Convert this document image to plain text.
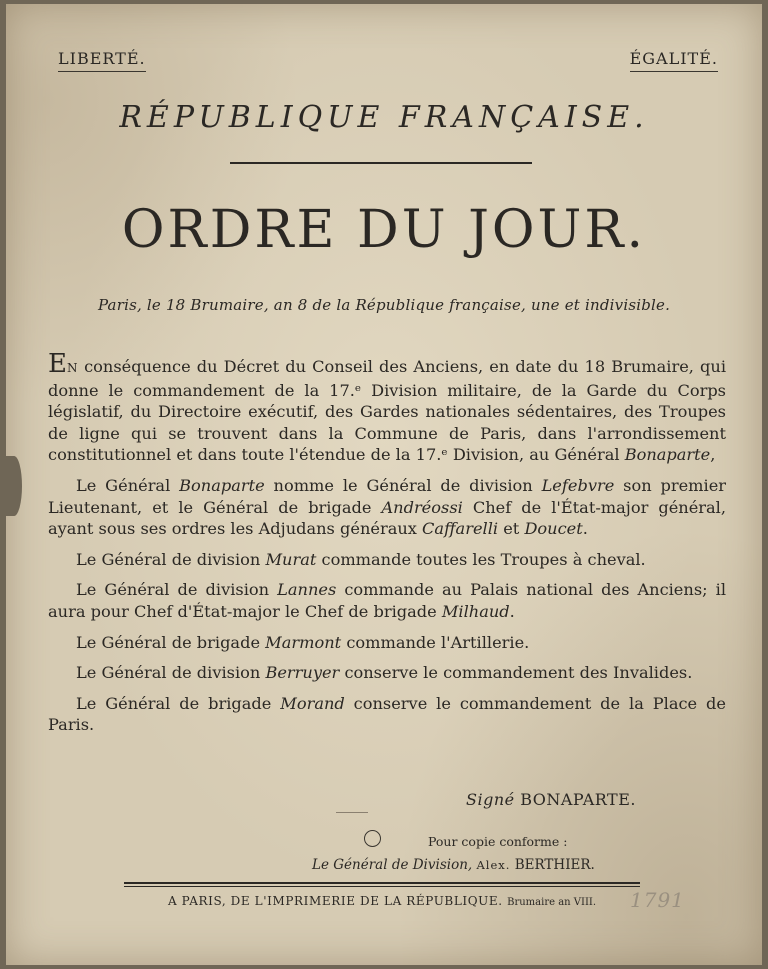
LIBERTÉ.	ÉGALITÉ.
RÉPUBLIQUE FRANÇAISE.
ORDRE DU JOUR.
Paris, le 18 Brumaire, an 8 de la République française, une et indivisible.

EN conséquence du Décret du Conseil des Anciens, en date du 18 Brumaire, qui donne le commandement de la 17.ᵉ Division militaire, de la Garde du Corps législatif, du Directoire exécutif, des Gardes nationales sédentaires, des Troupes de ligne qui se trouvent dans la Commune de Paris, dans l'arrondissement constitutionnel et dans toute l'étendue de la 17.ᵉ Division, au Général Bonaparte,

Le Général Bonaparte nomme le Général de division Lefebvre son premier Lieutenant, et le Général de brigade Andréossi Chef de l'État-major général, ayant sous ses ordres les Adjudans généraux Caffarelli et Doucet.

Le Général de division Murat commande toutes les Troupes à cheval.

Le Général de division Lannes commande au Palais national des Anciens; il aura pour Chef d'État-major le Chef de brigade Milhaud.

Le Général de brigade Marmont commande l'Artillerie.

Le Général de division Berruyer conserve le commandement des Invalides.

Le Général de brigade Morand conserve le commandement de la Place de Paris.

Signé BONAPARTE.
Pour copie conforme :
Le Général de Division, Alex. BERTHIER.
A PARIS, DE L'IMPRIMERIE DE LA RÉPUBLIQUE. Brumaire an VIII.	1791
